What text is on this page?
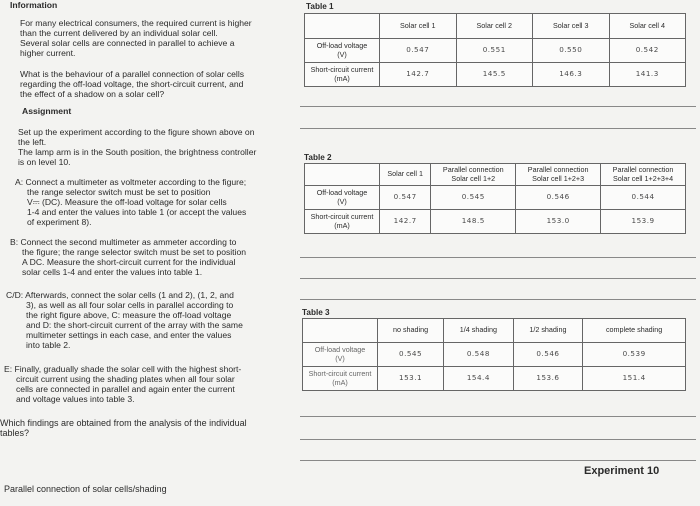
Information

For many electrical consumers, the required current is higher

than the current delivered by an individual solar cell.

Several solar cells are connected in parallel to achieve a

higher current.

What is the behaviour of a parallel connection of solar cells

regarding the off-load voltage, the short-circuit current, and

the effect of a shadow on a solar cell?

Assignment

Set up the experiment according to the figure shown above on

the left.

The lamp arm is in the South position, the brightness controller

is on level 10.

A: Connect a multimeter as voltmeter according to the figure;

the range selector switch must be set to position

V⎓ (DC). Measure the off-load voltage for solar cells

1-4 and enter the values into table 1 (or accept the values

of experiment 8).

B: Connect the second multimeter as ammeter according to

the figure; the range selector switch must be set to position

A DC. Measure the short-circuit current for the individual

solar cells 1-4 and enter the values into table 1.

C/D: Afterwards, connect the solar cells (1 and 2), (1, 2, and

3), as well as all four solar cells in parallel according to

the right figure above, C: measure the off-load voltage

and D: the short-circuit current of the array with the same

multimeter settings in each case, and enter the values

into table 2.

E: Finally, gradually shade the solar cell with the highest short-

circuit current using the shading plates when all four solar

cells are connected in parallel and again enter the current

and voltage values into table 3.

Which findings are obtained from the analysis of the individual

tables?

Parallel connection of solar cells/shading
Table 1
	Solar cell 1	Solar cell 2	Solar cell 3	Solar cell 4
Off-load voltage
(V)	0.547	0.551	0.550	0.542
Short-circuit current
(mA)	142.7	145.5	146.3	141.3
Table 2
	Solar cell 1	Parallel connection
Solar cell 1+2	Parallel connection
Solar cell 1+2+3	Parallel connection
Solar cell 1+2+3+4
Off-load voltage
(V)	0.547	0.545	0.546	0.544
Short-circuit current
(mA)	142.7	148.5	153.0	153.9
Table 3
	no shading	1/4 shading	1/2 shading	complete shading
Off-load voltage
(V)	0.545	0.548	0.546	0.539
Short-circuit current
(mA)	153.1	154.4	153.6	151.4
Experiment 10
